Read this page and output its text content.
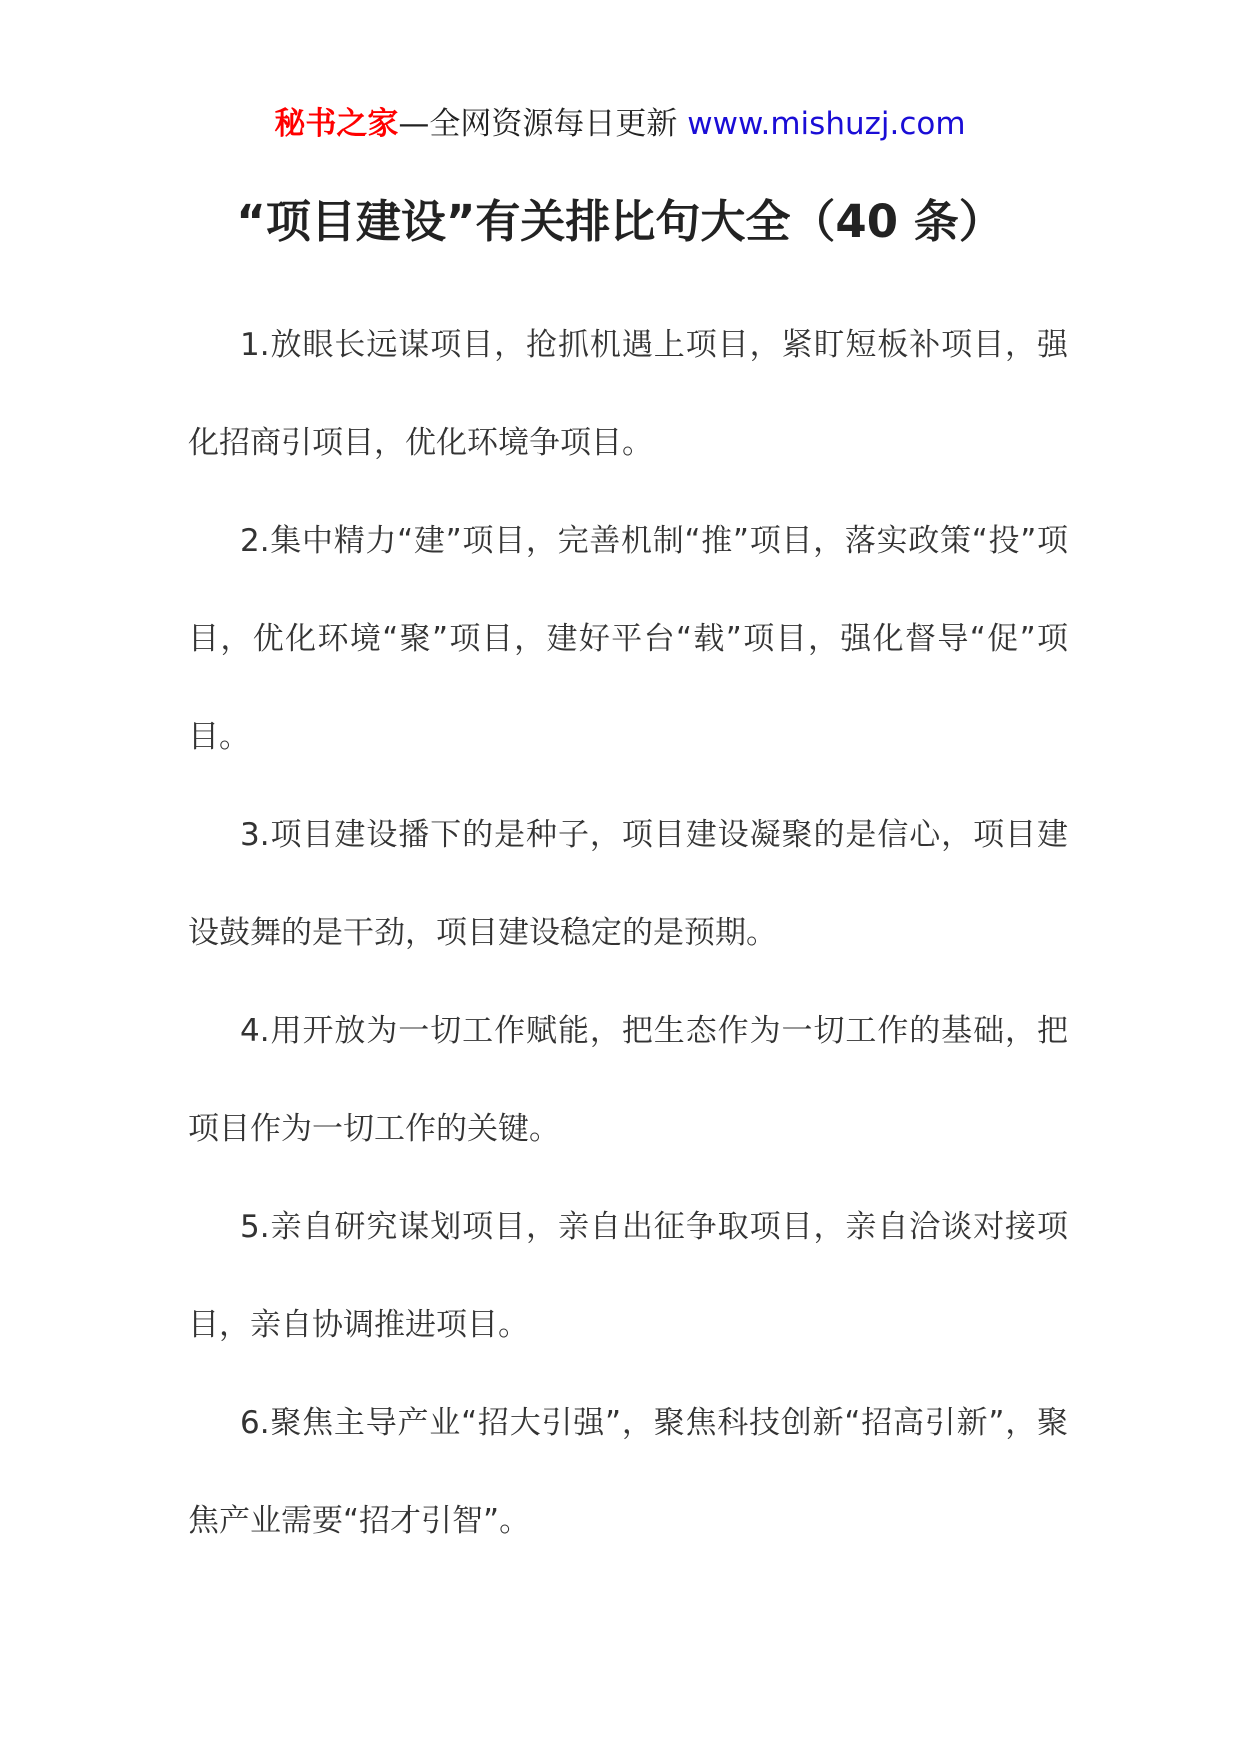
秘书之家—全网资源每日更新 www.mishuzj.com
“项目建设”有关排比句大全（40 条）

1.放眼长远谋项目，抢抓机遇上项目，紧盯短板补项目，强化招商引项目，优化环境争项目。

2.集中精力“建”项目，完善机制“推”项目，落实政策“投”项目，优化环境“聚”项目，建好平台“载”项目，强化督导“促”项目。

3.项目建设播下的是种子，项目建设凝聚的是信心，项目建设鼓舞的是干劲，项目建设稳定的是预期。

4.用开放为一切工作赋能，把生态作为一切工作的基础，把项目作为一切工作的关键。

5.亲自研究谋划项目，亲自出征争取项目，亲自洽谈对接项目，亲自协调推进项目。

6.聚焦主导产业“招大引强”，聚焦科技创新“招高引新”，聚焦产业需要“招才引智”。
